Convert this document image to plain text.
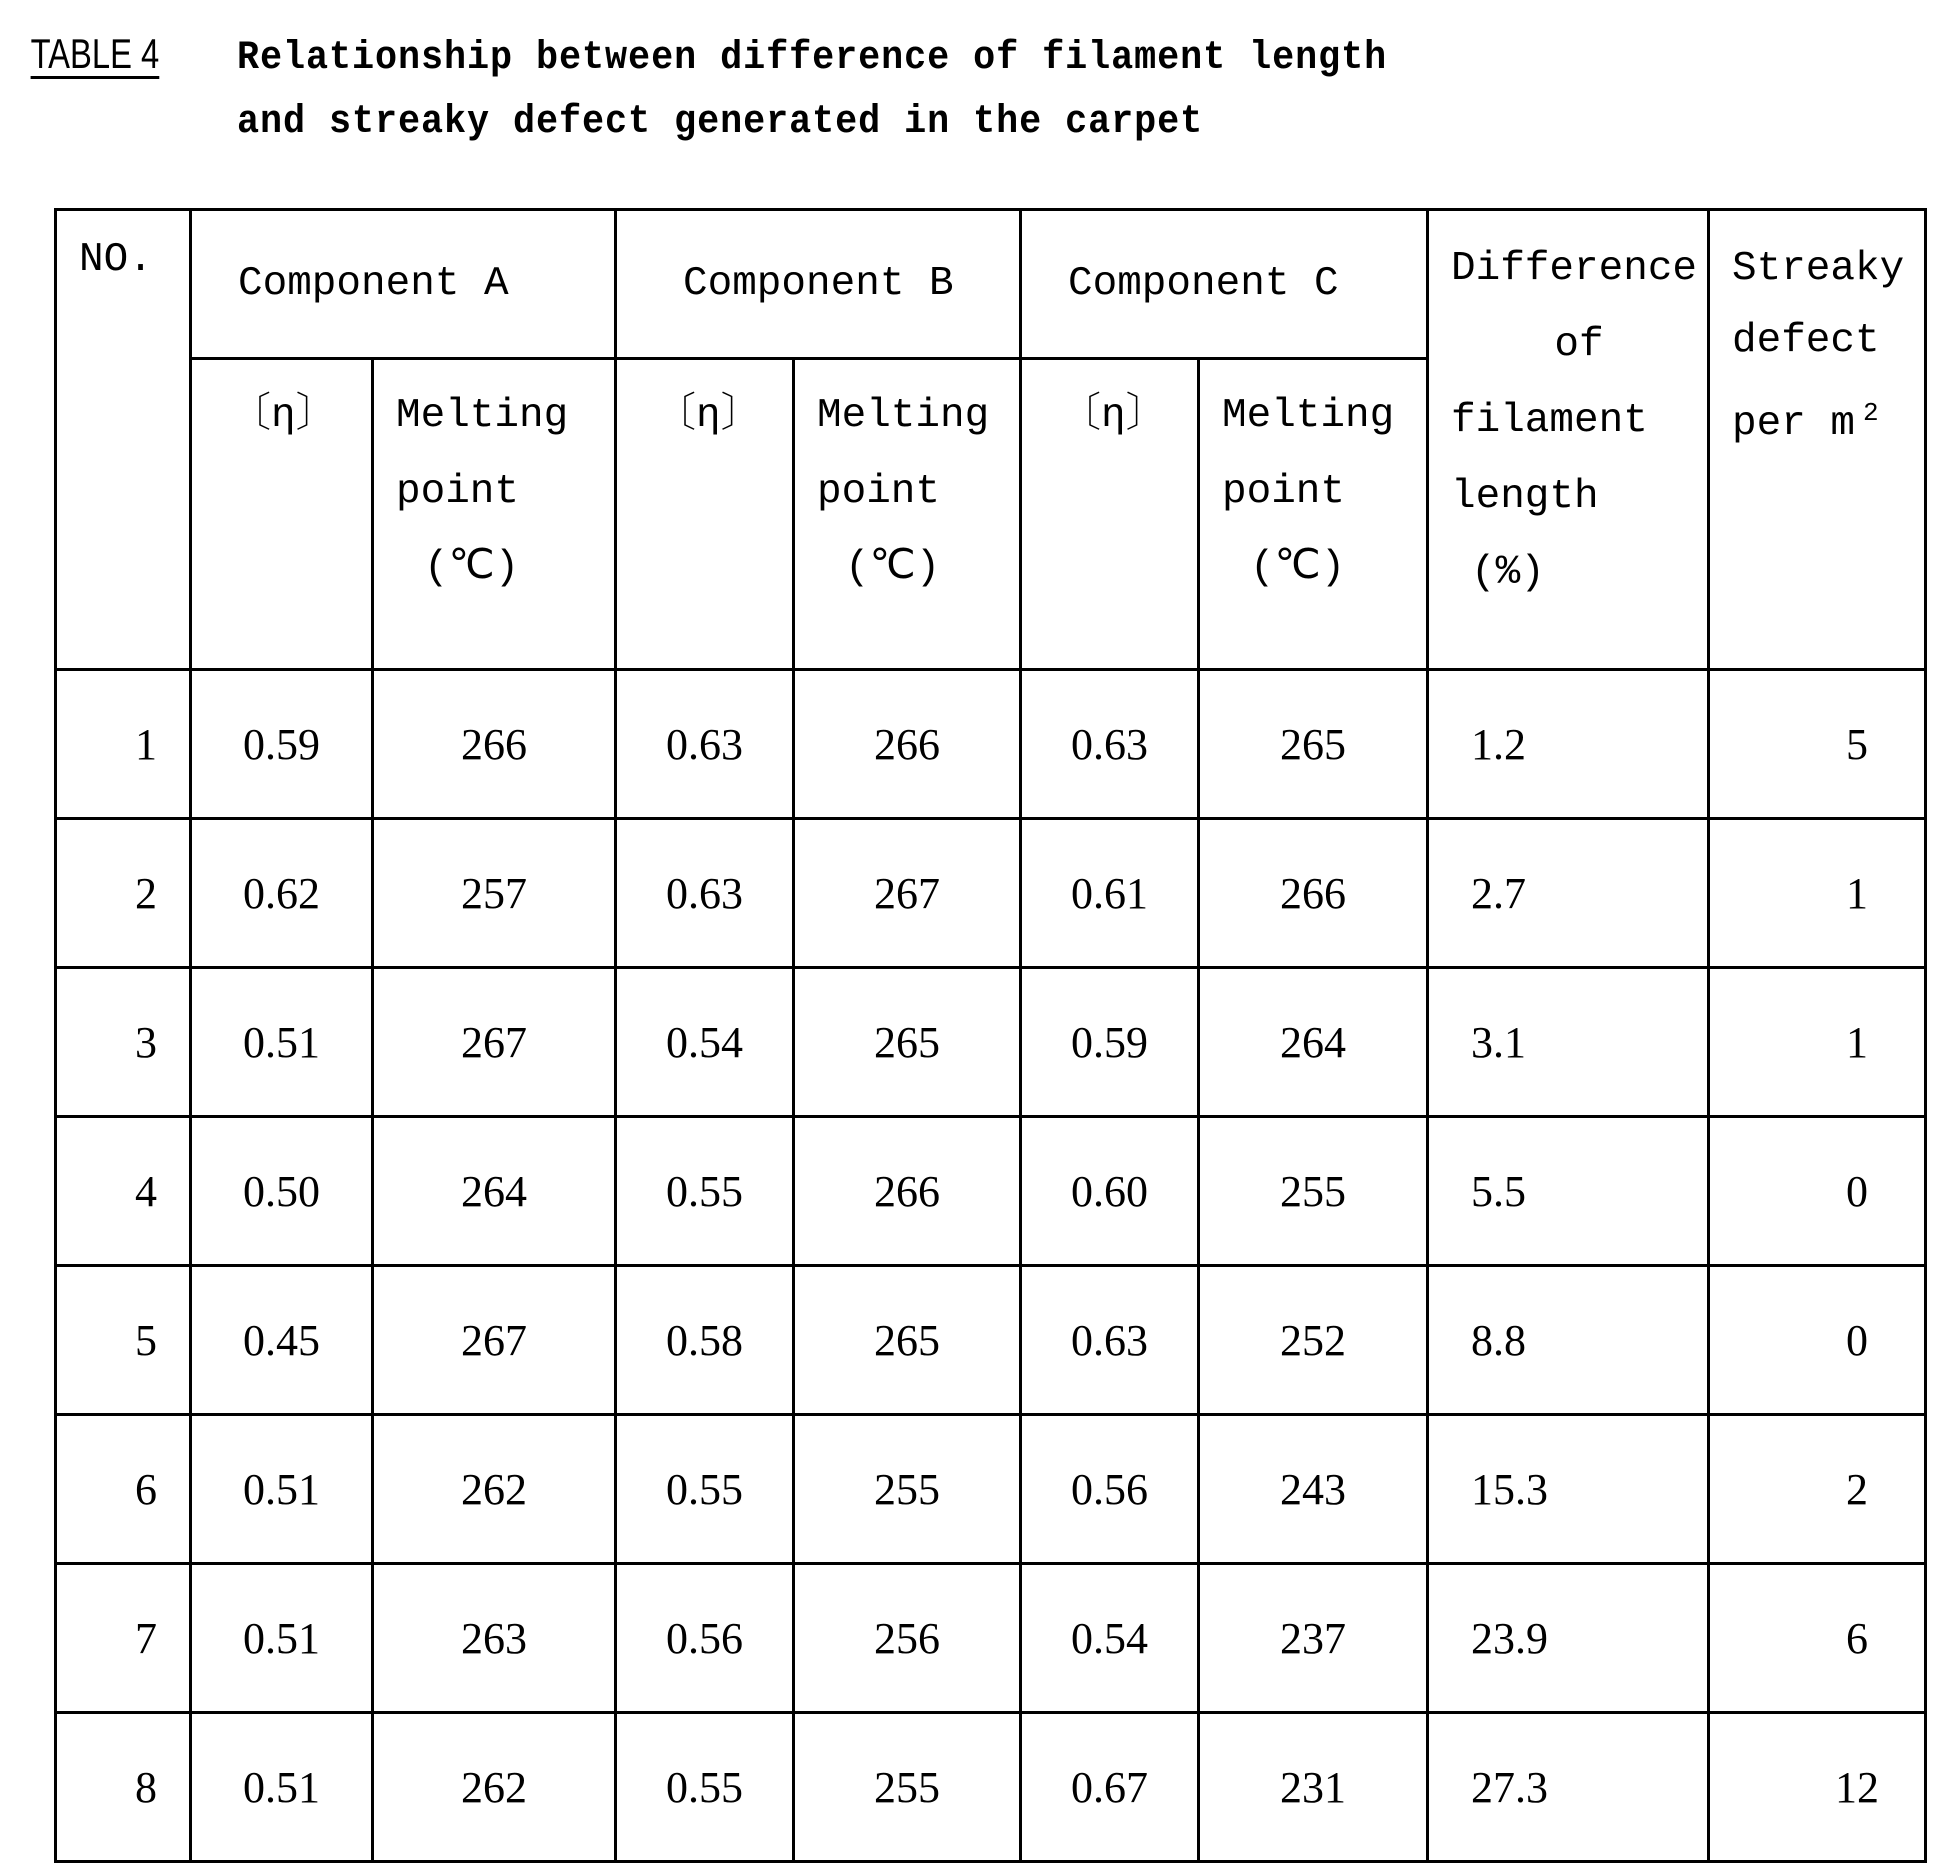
TABLE 4	Relationship between difference of filament length
and streaky defect generated in the carpet
NO.	Component A		Component B		Component C		Difference
of
filament
length
(%)	Streaky
defect
per m $^2$

	〔η〕	Melting
point
(℃)	〔η〕	Melting
point
(℃)	〔η〕	Melting
point
(℃)		

1	0.59	266	0.63	266	0.63	265	1.2	5
2	0.62	257	0.63	267	0.61	266	2.7	1
3	0.51	267	0.54	265	0.59	264	3.1	1
4	0.50	264	0.55	266	0.60	255	5.5	0
5	0.45	267	0.58	265	0.63	252	8.8	0
6	0.51	262	0.55	255	0.56	243	15.3	2
7	0.51	263	0.56	256	0.54	237	23.9	6
8	0.51	262	0.55	255	0.67	231	27.3	12
